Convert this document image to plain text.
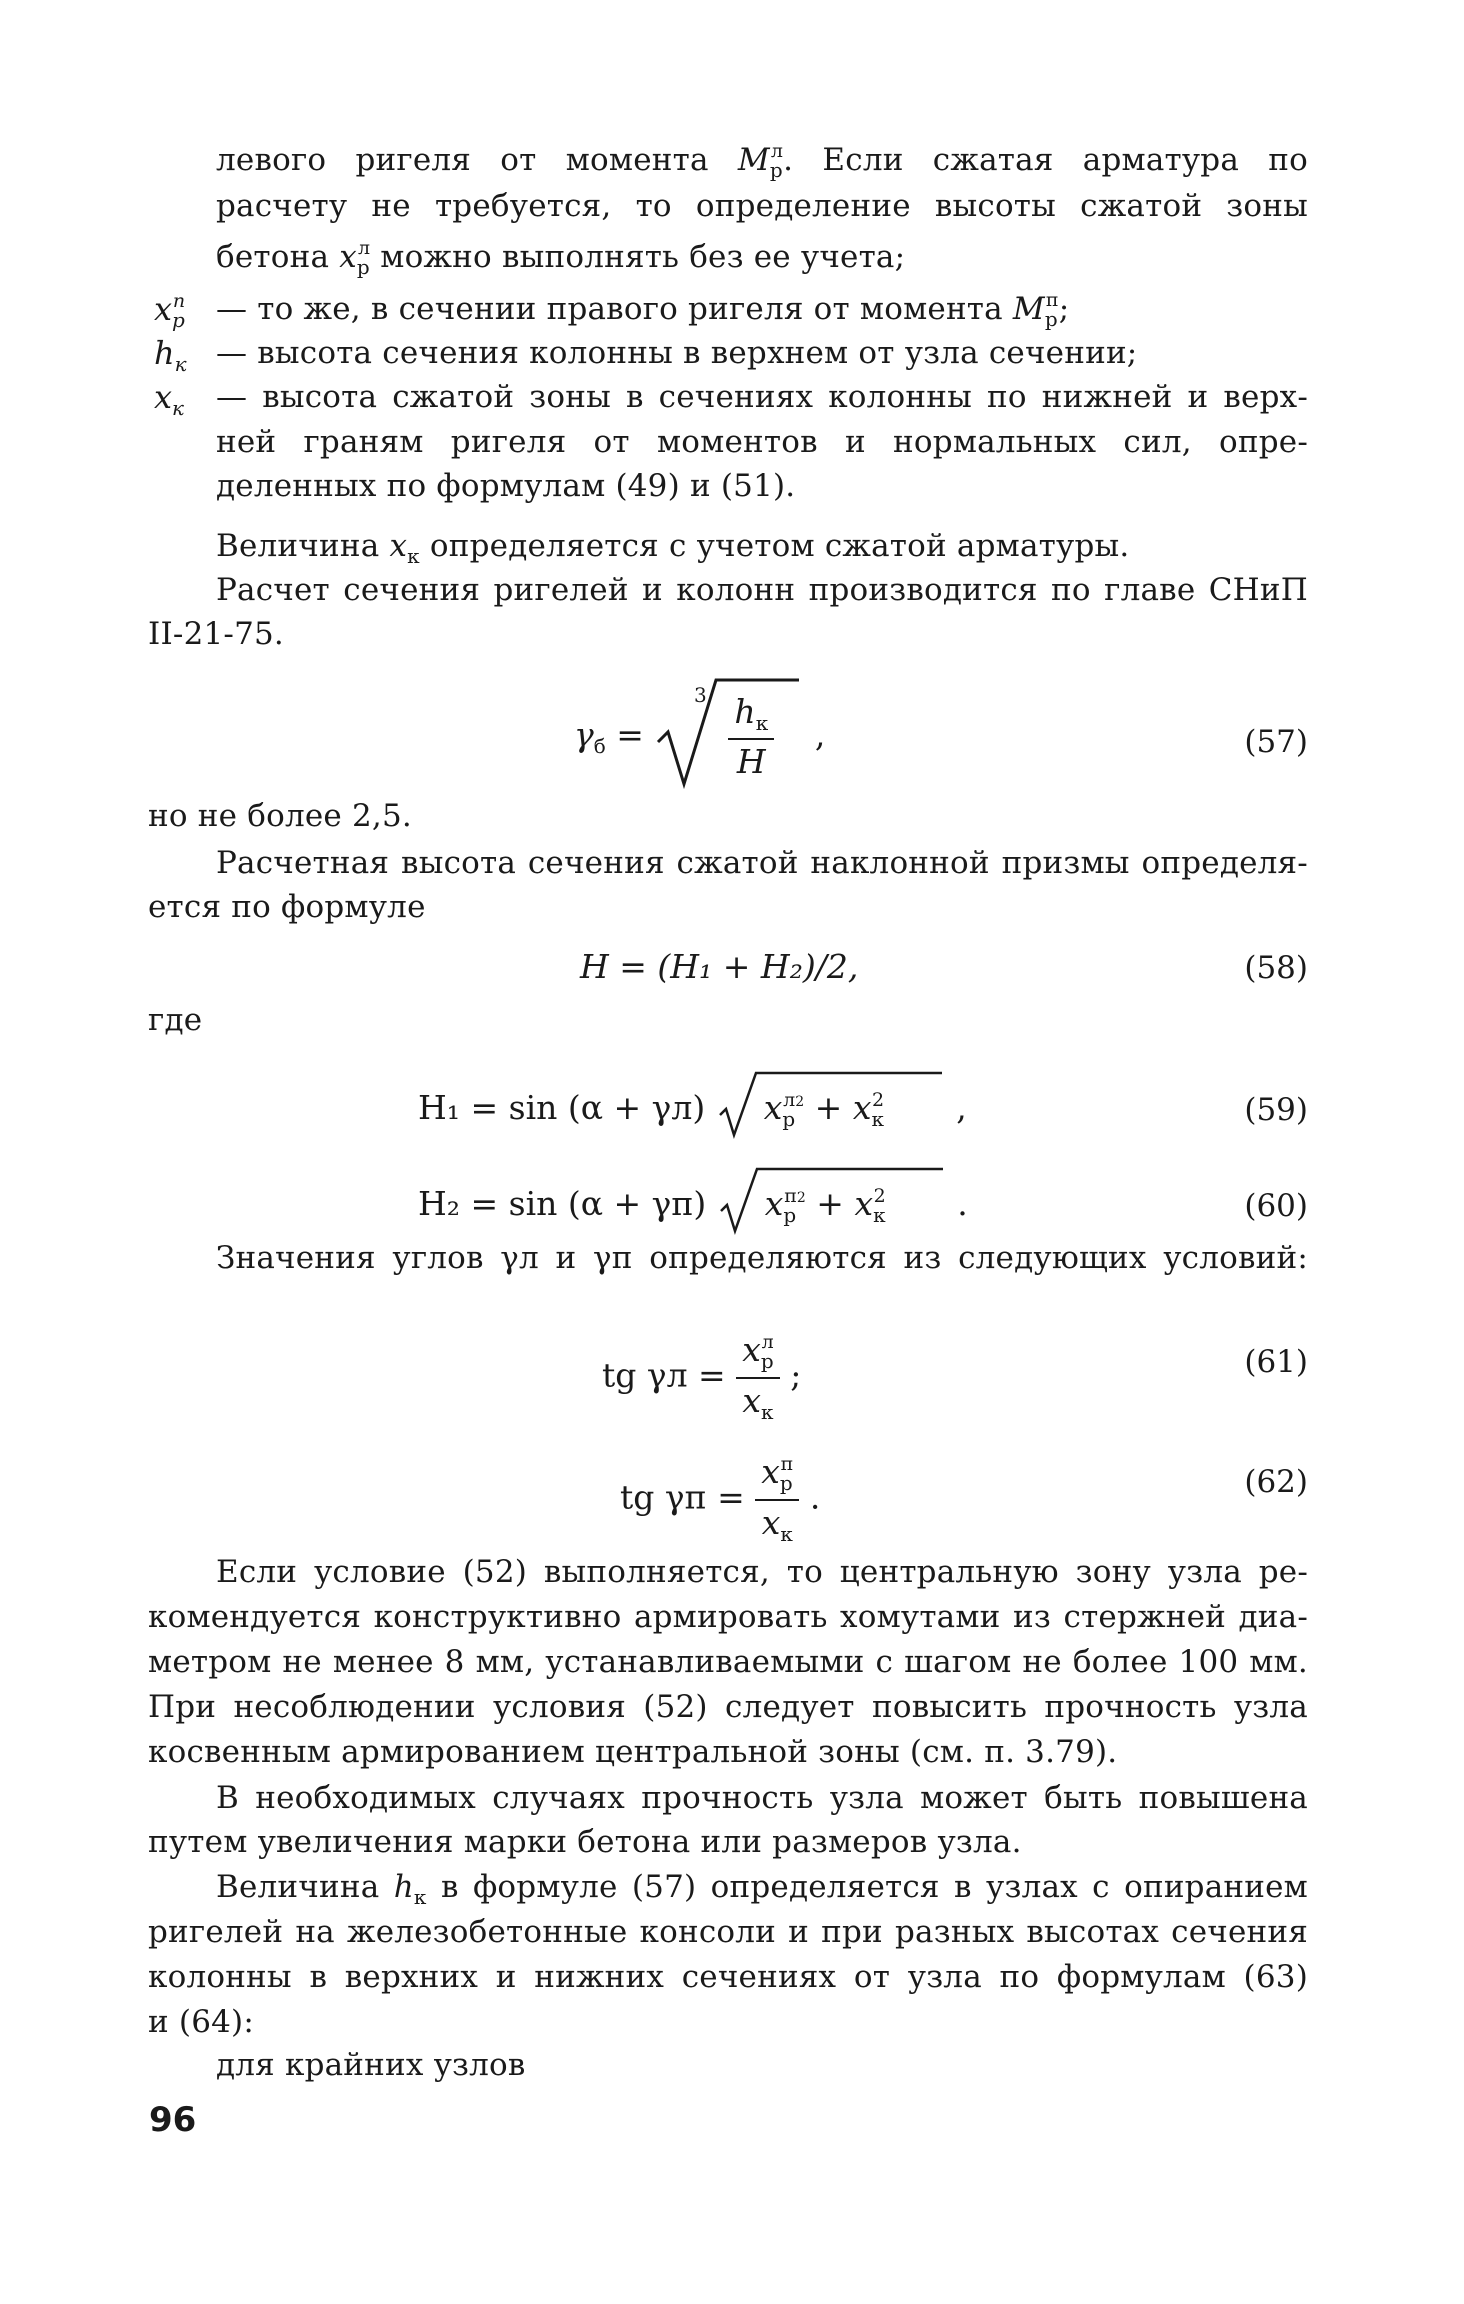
левого ригеля от момента $M_р^л$. Если сжатая арматура по
расчету не требуется, то определение высоты сжатой зоны
бетона $x_р^л$ можно выполнять без ее учета;
$x_р^п$ — то же, в сечении правого ригеля от момента $M_р^п$;
$h_к$ — высота сечения колонны в верхнем от узла сечении;
$x_к$ — высота сжатой зоны в сечениях колонны по нижней и верх-
ней граням ригеля от моментов и нормальных сил, опре-
деленных по формулам (49) и (51).
Величина $x_к$ определяется с учетом сжатой арматуры.
Расчет сечения ригелей и колонн производится по главе СНиП
II-21-75.
$\gamma_б$ =
3 $h_к$
H
,	(57)
но не более 2,5.
Расчетная высота сечения сжатой наклонной призмы определя-
ется по формуле
H = (H₁ + H₂)/2,	(58)
где
H₁ = sin (α + γл) $x_р^{л2} + x_к^2$ ,	(59)
H₂ = sin (α + γп) $x_р^{п2} + x_к^2$ .	(60)
Значения углов γл и γп определяются из следующих условий:
tg $\gamma л = \frac{x_р^л}{x_к}$ ;	(61)
tg $\gamma п = \frac{x_р^п}{x_к}$ .	(62)
Если условие (52) выполняется, то центральную зону узла ре-
комендуется конструктивно армировать хомутами из стержней диа-
метром не менее 8 мм, устанавливаемыми с шагом не более 100 мм.
При несоблюдении условия (52) следует повысить прочность узла
косвенным армированием центральной зоны (см. п. 3.79).
В необходимых случаях прочность узла может быть повышена
путем увеличения марки бетона или размеров узла.
Величина $h_к$ в формуле (57) определяется в узлах с опиранием
ригелей на железобетонные консоли и при разных высотах сечения
колонны в верхних и нижних сечениях от узла по формулам (63)
и (64):
для крайних узлов
96
